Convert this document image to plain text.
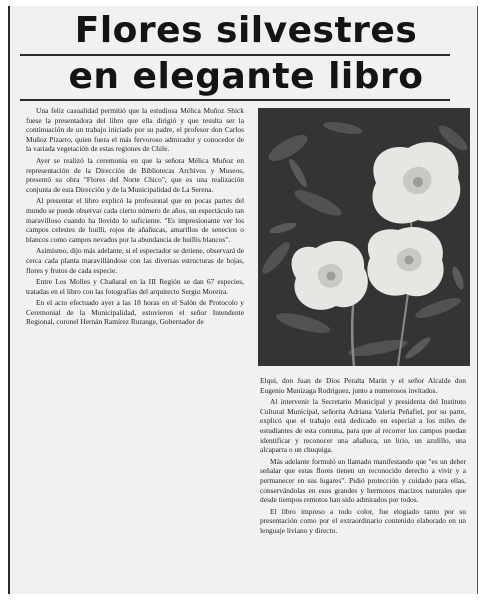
Flores silvestres
en elegante libro

Una feliz casualidad permitió que la estudiosa Mélica Muñoz Shick fuese la presentadora del libro que ella dirigió y que resulta ser la continuación de un trabajo iniciado por su padre, el profesor don Carlos Muñoz Pizarro, quien fuera el más fervoroso admirador y conocedor de la variada vegetación de estas regiones de Chile.

Ayer se realizó la ceremonia en que la señora Mélica Muñoz en representación de la Dirección de Bibliotecas Archivos y Museos, presentó su obra "Flores del Norte Chico", que es una realización conjunta de esta Dirección y de la Municipalidad de La Serena.

Al presentar el libro explicó la profesional que en pocas partes del mundo se puede observar cada cierto número de años, un espectáculo tan maravilloso cuando ha llovido lo suficiente. "Es impresionante ver los campos celestes de huilli, rojos de añañucas, amarillos de senecios o blancos como campos nevados por la abundancia de huillis blancos".

Asimismo, dijo más adelante, si el espectador se detiene, observará de cerca cada planta maravillándose con las diversas estructuras de hojas, flores y frutos de cada especie.

Entre Los Molles y Chañaral en la III Región se dan 67 especies, tratadas en el libro con las fotografías del arquitecto Sergio Moreira.

En el acto efectuado ayer a las 18 horas en el Salón de Protocolo y Ceremonial de la Municipalidad, estuvieron el señor Intendente Regional, coronel Hernán Ramírez Rurange, Gobernador de

Elqui, don Juan de Dios Peralta Marín y el señor Alcalde don Eugenio Munizaga Rodríguez, junto a numerosos invitados.

Al intervenir la Secretario Municipal y presidenta del Instituto Cultural Municipal, señorita Adriana Valeria Peñafiel, por su parte, explicó que el trabajo está dedicado en especial a los miles de estudiantes de esta comuna, para que al recorrer los campos puedan identificar y reconocer una añañuca, un lirio, un azulillo, una alcaparra o un chuquiga.

Más adelante formuló un llamado manifestando que "es un deber señalar que estas flores tienen un reconocido derecho a vivir y a permanecer en sus lugares". Pidió protección y cuidado para ellas, conservándolas en esos grandes y hermosos macizos naturales que desde tiempos remotos han sido admirados por todos.

El libro impreso a todo color, fue elogiado tanto por su presentación como por el extraordinario contenido elaborado en un lenguaje liviano y directo.
